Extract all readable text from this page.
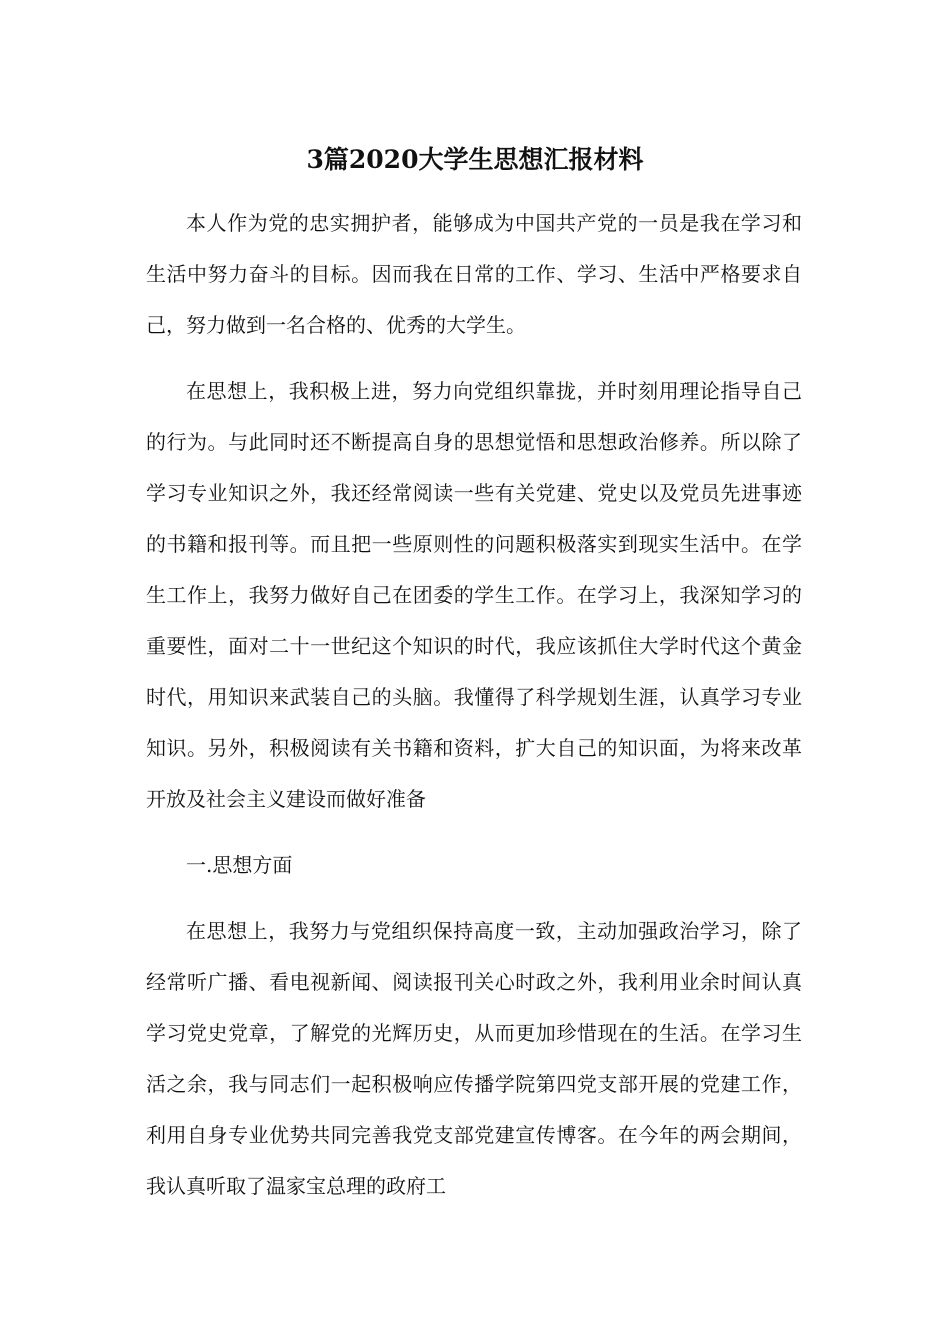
3篇2020大学生思想汇报材料

本人作为党的忠实拥护者，能够成为中国共产党的一员是我在学习和生活中努力奋斗的目标。因而我在日常的工作、学习、生活中严格要求自己，努力做到一名合格的、优秀的大学生。

在思想上，我积极上进，努力向党组织靠拢，并时刻用理论指导自己的行为。与此同时还不断提高自身的思想觉悟和思想政治修养。所以除了学习专业知识之外，我还经常阅读一些有关党建、党史以及党员先进事迹的书籍和报刊等。而且把一些原则性的问题积极落实到现实生活中。在学生工作上，我努力做好自己在团委的学生工作。在学习上，我深知学习的重要性，面对二十一世纪这个知识的时代，我应该抓住大学时代这个黄金时代，用知识来武装自己的头脑。我懂得了科学规划生涯，认真学习专业知识。另外，积极阅读有关书籍和资料，扩大自己的知识面，为将来改革开放及社会主义建设而做好准备

一.思想方面

在思想上，我努力与党组织保持高度一致，主动加强政治学习，除了经常听广播、看电视新闻、阅读报刊关心时政之外，我利用业余时间认真学习党史党章，了解党的光辉历史，从而更加珍惜现在的生活。在学习生活之余，我与同志们一起积极响应传播学院第四党支部开展的党建工作，利用自身专业优势共同完善我党支部党建宣传博客。在今年的两会期间，我认真听取了温家宝总理的政府工
